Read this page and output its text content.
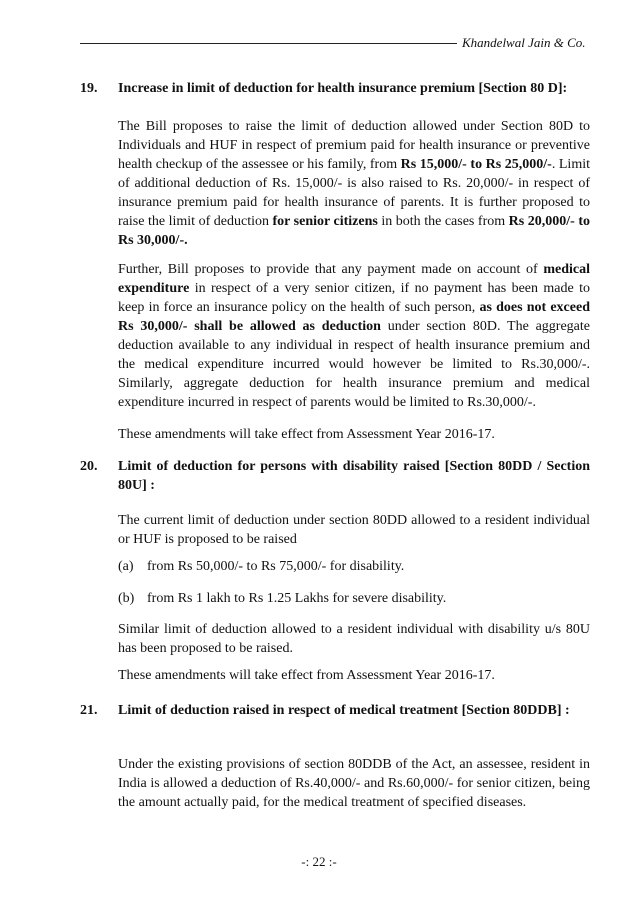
Khandelwal Jain & Co.
19. Increase in limit of deduction for health insurance premium [Section 80 D]:

The Bill proposes to raise the limit of deduction allowed under Section 80D to Individuals and HUF in respect of premium paid for health insurance or preventive health checkup of the assessee or his family, from Rs 15,000/- to Rs 25,000/-. Limit of additional deduction of Rs. 15,000/- is also raised to Rs. 20,000/- in respect of insurance premium paid for health insurance of parents. It is further proposed to raise the limit of deduction for senior citizens in both the cases from Rs 20,000/- to Rs 30,000/-.

Further, Bill proposes to provide that any payment made on account of medical expenditure in respect of a very senior citizen, if no payment has been made to keep in force an insurance policy on the health of such person, as does not exceed Rs 30,000/- shall be allowed as deduction under section 80D. The aggregate deduction available to any individual in respect of health insurance premium and the medical expenditure incurred would however be limited to Rs.30,000/-. Similarly, aggregate deduction for health insurance premium and medical expenditure incurred in respect of parents would be limited to Rs.30,000/-.

These amendments will take effect from Assessment Year 2016-17.

20. Limit of deduction for persons with disability raised [Section 80DD / Section 80U] :

The current limit of deduction under section 80DD allowed to a resident individual or HUF is proposed to be raised

(a) from Rs 50,000/- to Rs 75,000/- for disability.
(b) from Rs 1 lakh to Rs 1.25 Lakhs for severe disability.

Similar limit of deduction allowed to a resident individual with disability u/s 80U has been proposed to be raised.

These amendments will take effect from Assessment Year 2016-17.

21. Limit of deduction raised in respect of medical treatment [Section 80DDB] :

Under the existing provisions of section 80DDB of the Act, an assessee, resident in India is allowed a deduction of Rs.40,000/- and Rs.60,000/- for senior citizen, being the amount actually paid, for the medical treatment of specified diseases.

-: 22 :-
